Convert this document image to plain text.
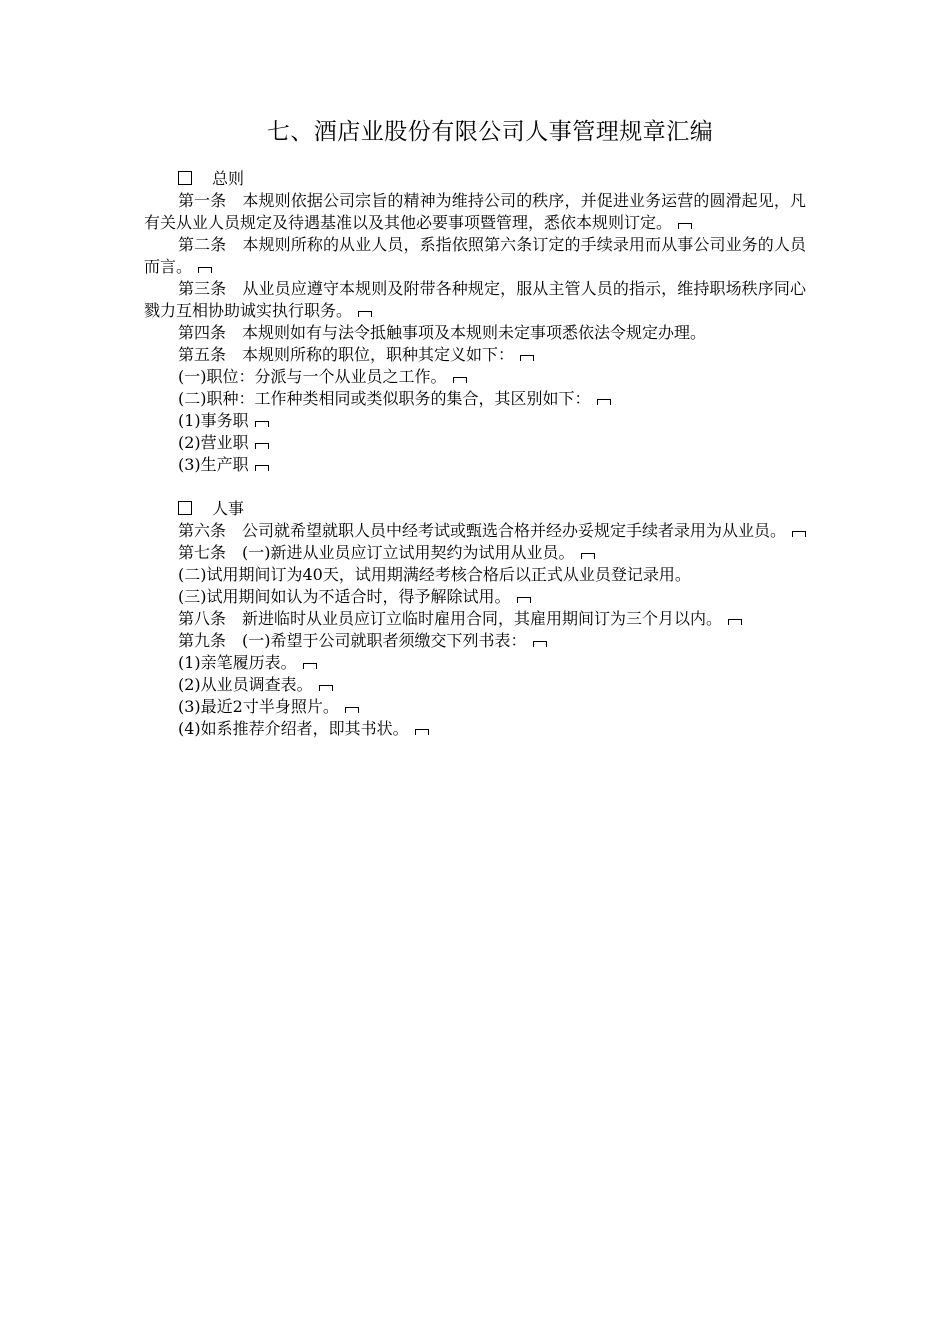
七、酒店业股份有限公司人事管理规章汇编

总则

第一条　本规则依据公司宗旨的精神为维持公司的秩序，并促进业务运营的圆滑起见，凡有关从业人员规定及待遇基准以及其他必要事项暨管理，悉依本规则订定。

第二条　本规则所称的从业人员，系指依照第六条订定的手续录用而从事公司业务的人员而言。

第三条　从业员应遵守本规则及附带各种规定，服从主管人员的指示，维持职场秩序同心戮力互相协助诚实执行职务。

第四条　本规则如有与法令抵触事项及本规则未定事项悉依法令规定办理。

第五条　本规则所称的职位，职种其定义如下：

(一)职位：分派与一个从业员之工作。

(二)职种：工作种类相同或类似职务的集合，其区别如下：

(1)事务职

(2)营业职

(3)生产职

人事

第六条　公司就希望就职人员中经考试或甄选合格并经办妥规定手续者录用为从业员。

第七条　(一)新进从业员应订立试用契约为试用从业员。

(二)试用期间订为40天，试用期满经考核合格后以正式从业员登记录用。

(三)试用期间如认为不适合时，得予解除试用。

第八条　新进临时从业员应订立临时雇用合同，其雇用期间订为三个月以内。

第九条　(一)希望于公司就职者须缴交下列书表：

(1)亲笔履历表。

(2)从业员调查表。

(3)最近2寸半身照片。

(4)如系推荐介绍者，即其书状。
